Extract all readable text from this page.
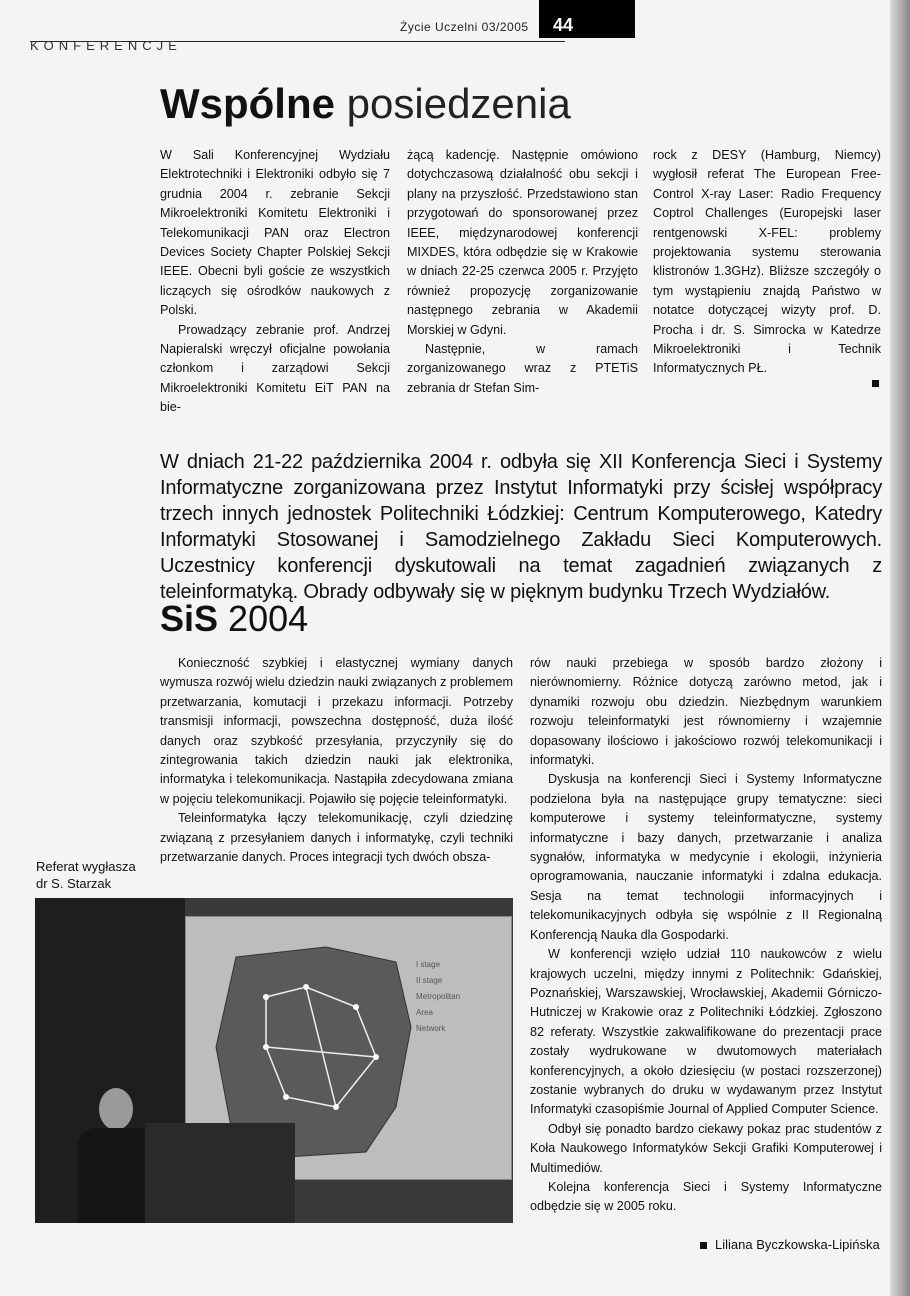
KONFERENCJE
Życie Uczelni 03/2005	44
Wspólne posiedzenia

W Sali Konferencyjnej Wydziału Elektrotechniki i Elektroniki odbyło się 7 grudnia 2004 r. zebranie Sekcji Mikroelektroniki Komitetu Elektroniki i Telekomunikacji PAN oraz Electron Devices Society Chapter Polskiej Sekcji IEEE. Obecni byli goście ze wszystkich liczących się ośrodków naukowych z Polski.

Prowadzący zebranie prof. Andrzej Napieralski wręczył oficjalne powołania członkom i zarządowi Sekcji Mikroelektroniki Komitetu EiT PAN na bie-

żącą kadencję. Następnie omówiono dotychczasową działalność obu sekcji i plany na przyszłość. Przedstawiono stan przygotowań do sponsorowanej przez IEEE, międzynarodowej konferencji MIXDES, która odbędzie się w Krakowie w dniach 22-25 czerwca 2005 r. Przyjęto również propozycję zorganizowanie następnego zebrania w Akademii Morskiej w Gdyni.

Następnie, w ramach zorganizowanego wraz z PTETiS zebrania dr Stefan Sim-

rock z DESY (Hamburg, Niemcy) wygłosił referat The European Free-Control X-ray Laser: Radio Frequency Coptrol Challenges (Europejski laser rentgenowski X-FEL: problemy projektowania systemu sterowania klistronów 1.3GHz). Bliższe szczegóły o tym wystąpieniu znajdą Państwo w notatce dotyczącej wizyty prof. D. Procha i dr. S. Simrocka w Katedrze Mikroelektroniki i Technik Informatycznych PŁ.

W dniach 21-22 października 2004 r. odbyła się XII Konferencja Sieci i Systemy Informatyczne zorganizowana przez Instytut Informatyki przy ścisłej współpracy trzech innych jednostek Politechniki Łódzkiej: Centrum Komputerowego, Katedry Informatyki Stosowanej i Samodzielnego Zakładu Sieci Komputerowych. Uczestnicy konferencji dyskutowali na temat zagadnień związanych z teleinformatyką. Obrady odbywały się w pięknym budynku Trzech Wydziałów.
SiS 2004

Konieczność szybkiej i elastycznej wymiany danych wymusza rozwój wielu dziedzin nauki związanych z problemem przetwarzania, komutacji i przekazu informacji. Potrzeby transmisji informacji, powszechna dostępność, duża ilość danych oraz szybkość przesyłania, przyczyniły się do zintegrowania takich dziedzin nauki jak elektronika, informatyka i telekomunikacja. Nastąpiła zdecydowana zmiana w pojęciu telekomunikacji. Pojawiło się pojęcie teleinformatyki.

Teleinformatyka łączy telekomunikację, czyli dziedzinę związaną z przesyłaniem danych i informatykę, czyli techniki przetwarzanie danych. Proces integracji tych dwóch obsza-

Referat wygłasza
dr S. Starzak
I stage
II stage
Metropolitan
Area
Network

rów nauki przebiega w sposób bardzo złożony i nierównomierny. Różnice dotyczą zarówno metod, jak i dynamiki rozwoju obu dziedzin. Niezbędnym warunkiem rozwoju teleinformatyki jest równomierny i wzajemnie dopasowany ilościowo i jakościowo rozwój telekomunikacji i informatyki.

Dyskusja na konferencji Sieci i Systemy Informatyczne podzielona była na następujące grupy tematyczne: sieci komputerowe i systemy teleinformatyczne, systemy informatyczne i bazy danych, przetwarzanie i analiza sygnałów, informatyka w medycynie i ekologii, inżynieria oprogramowania, nauczanie informatyki i zdalna edukacja. Sesja na temat technologii informacyjnych i telekomunikacyjnych odbyła się wspólnie z II Regionalną Konferencją Nauka dla Gospodarki.

W konferencji wzięło udział 110 naukowców z wielu krajowych uczelni, między innymi z Politechnik: Gdańskiej, Poznańskiej, Warszawskiej, Wrocławskiej, Akademii Górniczo-Hutniczej w Krakowie oraz z Politechniki Łódzkiej. Zgłoszono 82 referaty. Wszystkie zakwalifikowane do prezentacji prace zostały wydrukowane w dwutomowych materiałach konferencyjnych, a około dziesięciu (w postaci rozszerzonej) zostanie wybranych do druku w wydawanym przez Instytut Informatyki czasopiśmie Journal of Applied Computer Science.

Odbył się ponadto bardzo ciekawy pokaz prac studentów z Koła Naukowego Informatyków Sekcji Grafiki Komputerowej i Multimediów.

Kolejna konferencja Sieci i Systemy Informatyczne odbędzie się w 2005 roku.

Liliana Byczkowska-Lipińska
